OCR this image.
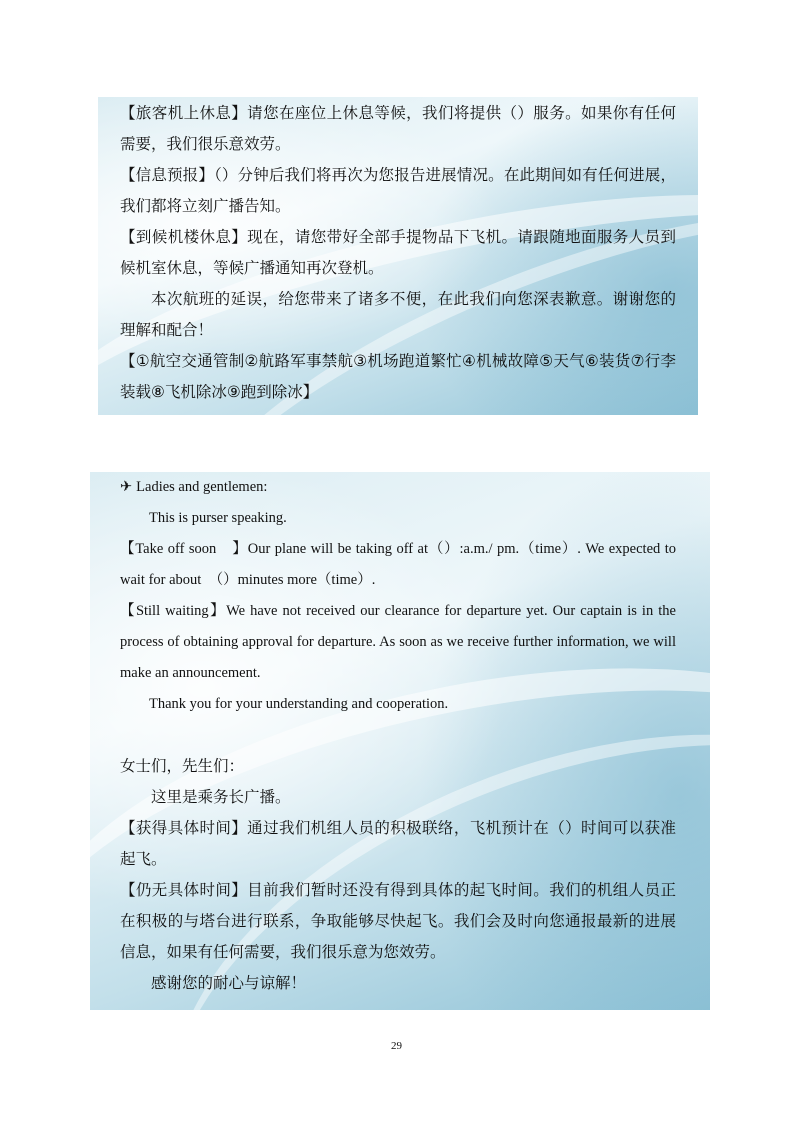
【旅客机上休息】请您在座位上休息等候，我们将提供（）服务。如果你有任何需要，我们很乐意效劳。

【信息预报】（）分钟后我们将再次为您报告进展情况。在此期间如有任何进展，我们都将立刻广播告知。

【到候机楼休息】现在，请您带好全部手提物品下飞机。请跟随地面服务人员到候机室休息，等候广播通知再次登机。

本次航班的延误，给您带来了诸多不便，在此我们向您深表歉意。谢谢您的理解和配合！

【①航空交通管制②航路军事禁航③机场跑道繁忙④机械故障⑤天气⑥装货⑦行李装载⑧飞机除冰⑨跑到除冰】

✈ Ladies and gentlemen:

This is purser speaking.

【Take off soon　】Our plane will be taking off at（）:a.m./ pm.（time）. We expected to wait for about　（）minutes more（time）.

【Still waiting】We have not received our clearance for departure yet. Our captain is in the process of obtaining approval for departure. As soon as we receive further information, we will make an announcement.

Thank you for your understanding and cooperation.

女士们，先生们：

这里是乘务长广播。

【获得具体时间】通过我们机组人员的积极联络，飞机预计在（）时间可以获准起飞。

【仍无具体时间】目前我们暂时还没有得到具体的起飞时间。我们的机组人员正在积极的与塔台进行联系，争取能够尽快起飞。我们会及时向您通报最新的进展信息，如果有任何需要，我们很乐意为您效劳。

感谢您的耐心与谅解！

29
